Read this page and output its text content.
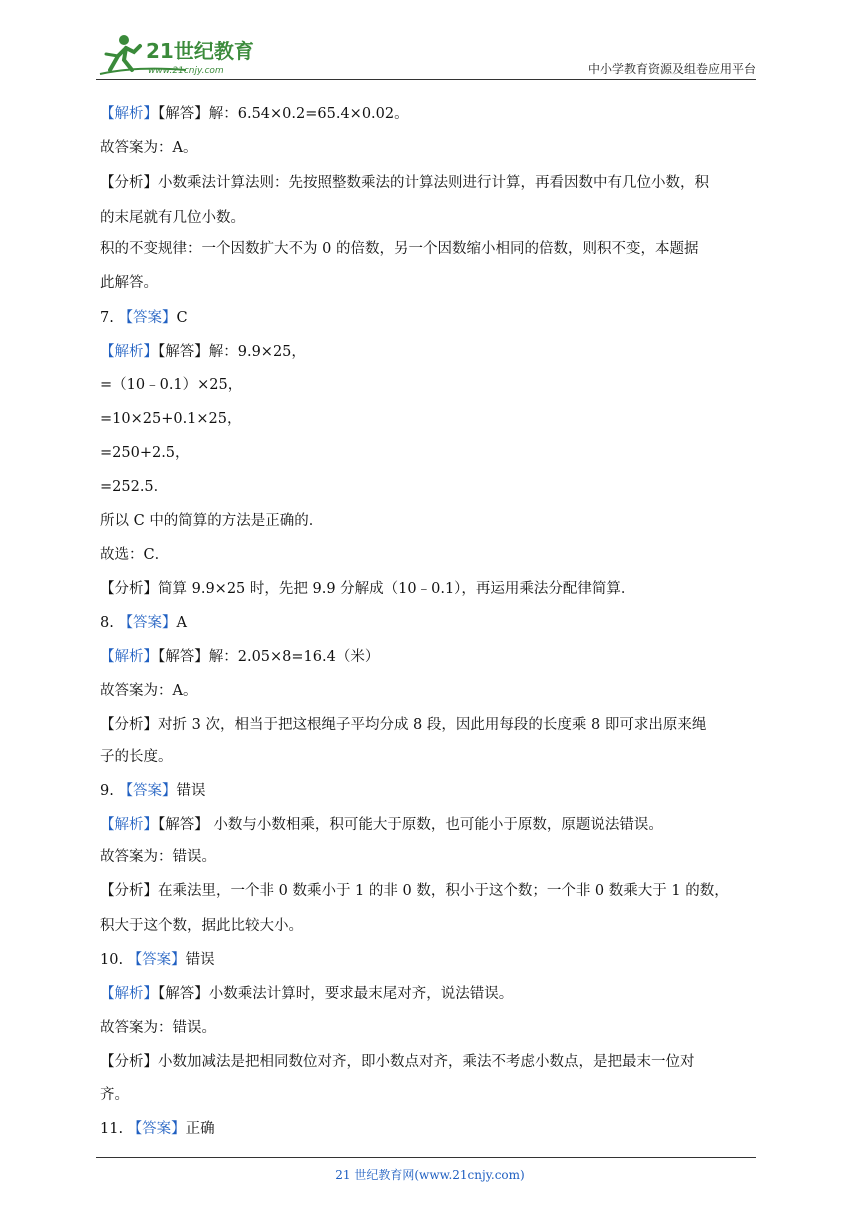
21世纪教育
www.21cnjy.com	中小学教育资源及组卷应用平台
【解析】【解答】解：6.54×0.2=65.4×0.02。
故答案为：A。
【分析】小数乘法计算法则：先按照整数乘法的计算法则进行计算，再看因数中有几位小数，积
的末尾就有几位小数。
积的不变规律：一个因数扩大不为 0 的倍数，另一个因数缩小相同的倍数，则积不变，本题据
此解答。
7. 【答案】C
【解析】【解答】解：9.9×25，
=（10﹣0.1）×25，
=10×25+0.1×25，
=250+2.5，
=252.5．
所以 C 中的简算的方法是正确的．
故选：C．
【分析】简算 9.9×25 时，先把 9.9 分解成（10﹣0.1），再运用乘法分配律简算．
8. 【答案】A
【解析】【解答】解：2.05×8=16.4（米）
故答案为：A。
【分析】对折 3 次，相当于把这根绳子平均分成 8 段，因此用每段的长度乘 8 即可求出原来绳
子的长度。
9. 【答案】错误
【解析】【解答】 小数与小数相乘，积可能大于原数，也可能小于原数，原题说法错误。
故答案为：错误。
【分析】在乘法里，一个非 0 数乘小于 1 的非 0 数，积小于这个数；一个非 0 数乘大于 1 的数，
积大于这个数，据此比较大小。
10. 【答案】错误
【解析】【解答】小数乘法计算时，要求最末尾对齐，说法错误。
故答案为：错误。
【分析】小数加减法是把相同数位对齐，即小数点对齐，乘法不考虑小数点，是把最末一位对
齐。
11. 【答案】正确
21 世纪教育网(www.21cnjy.com)
